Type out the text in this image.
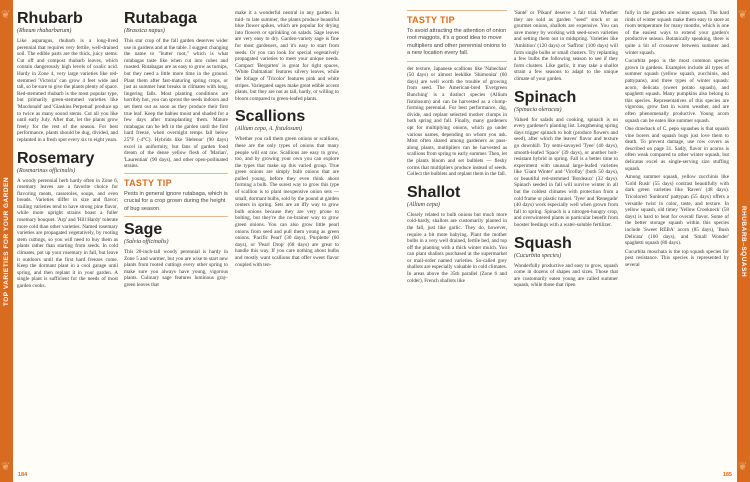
TOP VARIETIES FOR YOUR GARDEN
❦
❦
Rhubarb
(Rheum rhabarbarum)

Like asparagus, rhubarb is a long-lived perennial that requires very fertile, well-drained soil. The edible parts are the thick, juicy stems. Cut off and compost rhubarb leaves, which contain dangerously high levels of oxalic acid. Hardy in Zone 4, very large varieties like red-stemmed 'Victoria' can grow 4 feet wide and tall, so be sure to give the plants plenty of space. Red-stemmed rhubarb is the most popular type, but primarily green-stemmed varieties like 'Macdonald' and 'Glaskins Perpetual' produce up to twice as many sound stems. Cut all you like until early July. After that, let the plants grow freely for the rest of the season. For best performance, plants should be dug, divided, and replanted in a fresh spot every six to eight years.

Rosemary
(Rosmarinus officinalis)

A woody perennial herb hardy often in Zone 6, rosemary leaves are a favorite choice for flavoring meats, casseroles, soups, and even breads. Varieties differ in size and flavor; trailing varieties tend to have strong pine flavor, while more upright strains boast a fuller rosemary bouquet. 'Arp' and 'Hill Hardy' tolerate more cold than other varieties. Named rosemary varieties are propagated vegetatively, by rooting stem cuttings, so you will need to buy them as plants rather than starting from seeds. In cold climates, pot up your rosemary in fall, but leave it outdoors until the first hard freezes come. Keep the dormant plant in a cool garage until spring, and then replant it in your garden. A single plant is sufficient for the needs of most garden cooks.

Rutabaga
(Brassica napus)

This star crop of the fall garden deserves wider use in gardens and at the table. I suggest changing the name to "butter root," which is what rutabagas taste like when cut into cubes and roasted. Rutabagas are as easy to grow as turnips, but they need a little more time in the ground. Plant them after fast-maturing spring crops, or just as summer heat breaks in climates with long, lingering falls. Most planting conditions are horribly hot, you can sprout the seeds indoors and set them out as soon as they produce their first true leaf. Keep the babies moist and shaded for a few days after transplanting them. Mature rutabagas can be left in the garden until the first hard freeze, when overnight temps fall below 25°F (-4°C). Hybrids like 'Helenor' (90 days) excel in uniformity, but fans of garden food dream of the dense yellow flesh of 'Marian', 'Laurentian' (90 days), and other open-pollinated strains.

TASTY TIP
Pests in general ignore rutabaga, which is crucial for a crop grown during the height of bug season.
Sage
(Salvia officinalis)

This 20-inch-tall woody perennial is hardy in Zone 5 and warmer, but you are wise to start new plants from rooted cuttings every other spring to make sure you always have young, vigorous plants. Culinary sage features luminous gray-green leaves that

make it a wonderful neutral in any garden. In mid- to late summer, the plants produce beautiful blue flower spikes, which are popular for drying into flowers or sprinkling on salads. Sage leaves are very easy to dry. Garden-variety sage is fine for most gardeners, and it's easy to start from seeds. Or you can look for special vegetatively propagated varieties to meet your unique needs. Compact 'Bergarten' is great for tight spaces, 'White Dalmatian' features silvery leaves, while the foliage of 'Tricolor' features pink and white stripes. Variegated sages make great edible accent plants, but they are not as tall, hardy, or willing to bloom compared to green-leafed plants.

Scallions
(Allium cepa, A. fistulosum)

Whether you call them green onions or scallions, these are the only types of onions that many people will eat raw. Scallions are easy to grow, too, and by growing your own you can explore the types that make up this varied group. True green onions are simply bulb onions that are pulled young, before they even think about forming a bulb. The surest way to grow this type of scallion is to plant inexpensive onion sets — small, dormant bulbs, sold by the pound at garden centers in spring. Sets are an iffy way to grow bulb onions because they are very prone to bolting, but they're the no-brainer way to grow green onions. You can also grow little pearl onions from seed and pull them young as green onions. 'Pacific Pearl' (30 days), 'Purplette' (60 days), or 'Pearl Drop' (68 days) are great to handle this way. If you care nothing about bulbs and mostly want scallions that offer sweet flavor coupled with ten-

184
TASTY TIP
To avoid attracting the attention of onion root maggots, it's a good idea to move multipliers and other perennial onions to a new location every fall.

der texture, Japanese scallions like 'Nabechan' (50 days) or almost leeklike 'Shimonita' (60 days) are well worth the trouble of growing from seed. The American-bred 'Evergreen Bunching' is a distinct species (Allium fistulosum) and can be harvested as a clump-forming perennial. For best performance, dig, divide, and replant selected mother clumps in both spring and fall. Finally, many gardeners opt for multiplying onions, which go under various names, depending on whom you ask. Most often shared among gardeners as pass-along plants, multipliers can be harvested as scallions from spring to early summer. Then, let the plants bloom and set bulblets — fleshy corms that multipliers produce instead of seeds. Collect the bulblets and replant them in the fall.

Shallot
(Allium cepa)

Closely related to bulb onions but much more cold-hardy, shallots are customarily planted in the fall, just like garlic. They do, however, require a bit more babying. Plant the mother bulbs in a very well drained, fertile bed, and top off the planting with a thick winter mulch. You can plant shallots purchased at the supermarket or mail-order named varieties. So-called grey shallots are especially valuable in cold climates. In areas above the 35th parallel (Zone 6 and colder), French shallots like

'Santé' or 'Pikant' deserve a fair trial. Whether they are sold as garden "seed" stock or as gourmet onions, shallots are expensive. You can save money by working with seed-sown varieties and setting them out in midspring. Varieties like 'Ambition' (120 days) or 'Saffron' (100 days) will form single bulbs or small clusters. Try replanting a few bulbs the following season to see if they form clusters. Like garlic, it may take a shallot strain a few seasons to adapt to the unique climate of your garden.

Spinach
(Spinacia oleracea)

Valued for salads and cooking, spinach is on every gardener's planting list. Lengthening spring days trigger spinach to bolt (produce flowers and seed), after which the leaves' flavor and texture go downhill. Try semi-savoyed 'Tyee' (40 days), smooth-leafed 'Space' (39 days), or another bolt-resistant hybrid in spring. Fall is a better time to experiment with unusual large-leafed varieties like 'Giant Winter' and 'Viroflay' (both 50 days), or beautiful red-stemmed 'Bordeaux' (32 days). Spinach seeded in fall will survive winter in all but the coldest climates with protection from a cold frame or plastic tunnel. 'Tyee' and 'Renegade' (40 days) work especially well when grown from fall to spring. Spinach is a nitrogen-hungry crop, and overwintered plants in particular benefit from booster feedings with a water-soluble fertilizer.

Squash
(Cucurbita species)

Wonderfully productive and easy to grow, squash come in dozens of shapes and sizes. Those that are customarily eaten young are called summer squash, while those that ripen

fully in the garden are winter squash. The hard rinds of winter squash make them easy to store at room temperature for many months, which is one of the easiest ways to extend your garden's productive season. Botanically speaking, there is quite a bit of crossover between summer and winter squash.

Cucurbita pepo is the most common species grown in gardens. Examples include all types of summer squash (yellow squash, zucchinis, and pattypans), and three types of winter squash: acorn, delicata (sweet potato squash), and spaghetti squash. Many pumpkins also belong to this species. Representatives of this species are vigorous, grow fast in warm weather, and are often phenomenally productive. Young acorn squash can be eaten like summer squash.

One drawback of C. pepo squashes is that squash vine borers and squash bugs just love them to death. To prevent damage, use row covers as described on page 31. Sadly, flavor in acorns is often weak compared to other winter squash, but delicatas excel as single-serving size stuffing squash.

Among summer squash, yellow zucchinis like 'Gold Rush' (55 days) contrast beautifully with dark green varieties like 'Raven' (48 days). Tricolored 'Sunburst' pattypan (55 days) offers a versatile twist in color, taste, and texture. In yellow squash, old timey 'Yellow Crookneck' (58 days) is hard to beat for overall flavor. Some of the better storage squash within this species include 'Sweet REBA' acorn (85 days), 'Bush Delicata' (100 days), and 'Small Wonder' spaghetti squash (80 days).

Cucurbita moschata is the top squash species for pest resistance. This species is represented by several	RHUBARB–SQUASH
❦
❦
185
